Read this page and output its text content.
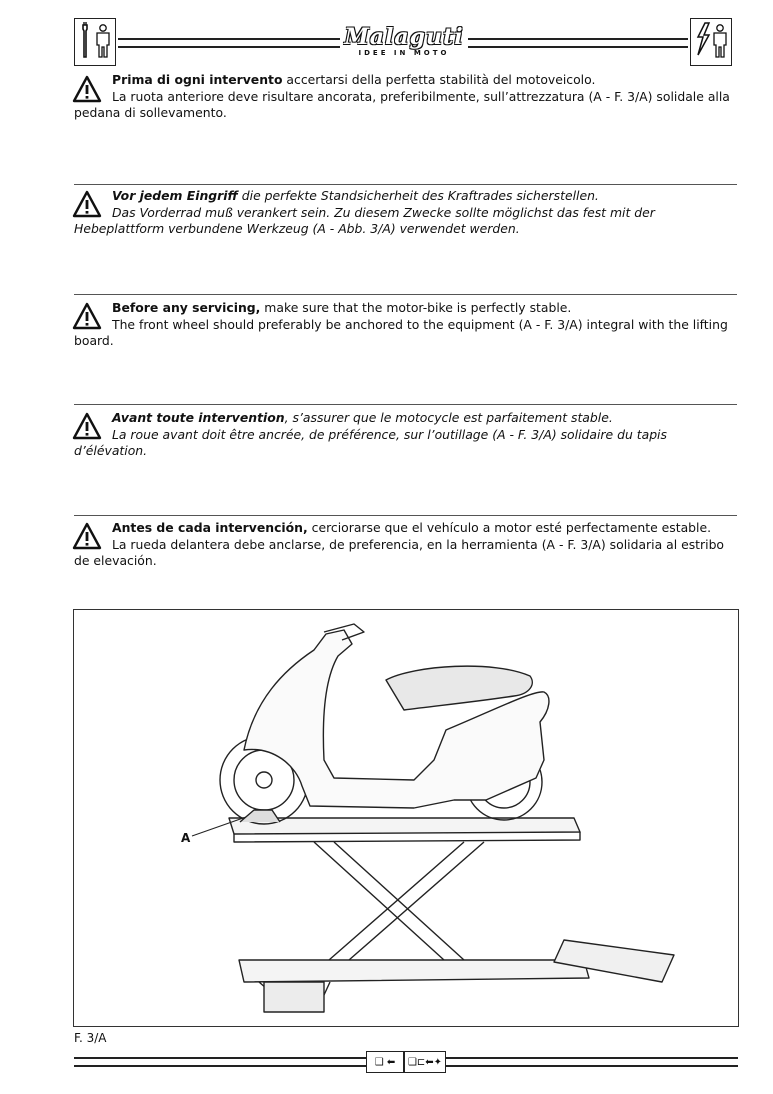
Malaguti
IDEE IN MOTO
Prima di ogni intervento accertarsi della perfetta stabilità del motoveicolo.
La ruota anteriore deve risultare ancorata, preferibilmente, sull’attrezzatura (A - F. 3/A) solidale alla pedana di sollevamento.
Vor jedem Eingriff die perfekte Standsicherheit des Kraftrades sicherstellen.
Das Vorderrad muß verankert sein. Zu diesem Zwecke sollte möglichst das fest mit der Hebeplattform verbundene Werkzeug (A - Abb. 3/A) verwendet werden.
Before any servicing, make sure that the motor-bike is perfectly stable.
The front wheel should preferably be anchored to the equipment (A - F. 3/A) integral with the lifting board.
Avant toute intervention, s’assurer que le motocycle est parfaitement stable.
La roue avant doit être ancrée, de préférence, sur l’outillage (A - F. 3/A) solidaire du tapis d’élévation.
Antes de cada intervención, cerciorarse que el vehículo a motor esté perfectamente estable.
La rueda delantera debe anclarse, de preferencia, en la herramienta (A - F. 3/A) solidaria al estribo de elevación.
A
F. 3/A
❑ ⬅	❑⊏⬅✦
